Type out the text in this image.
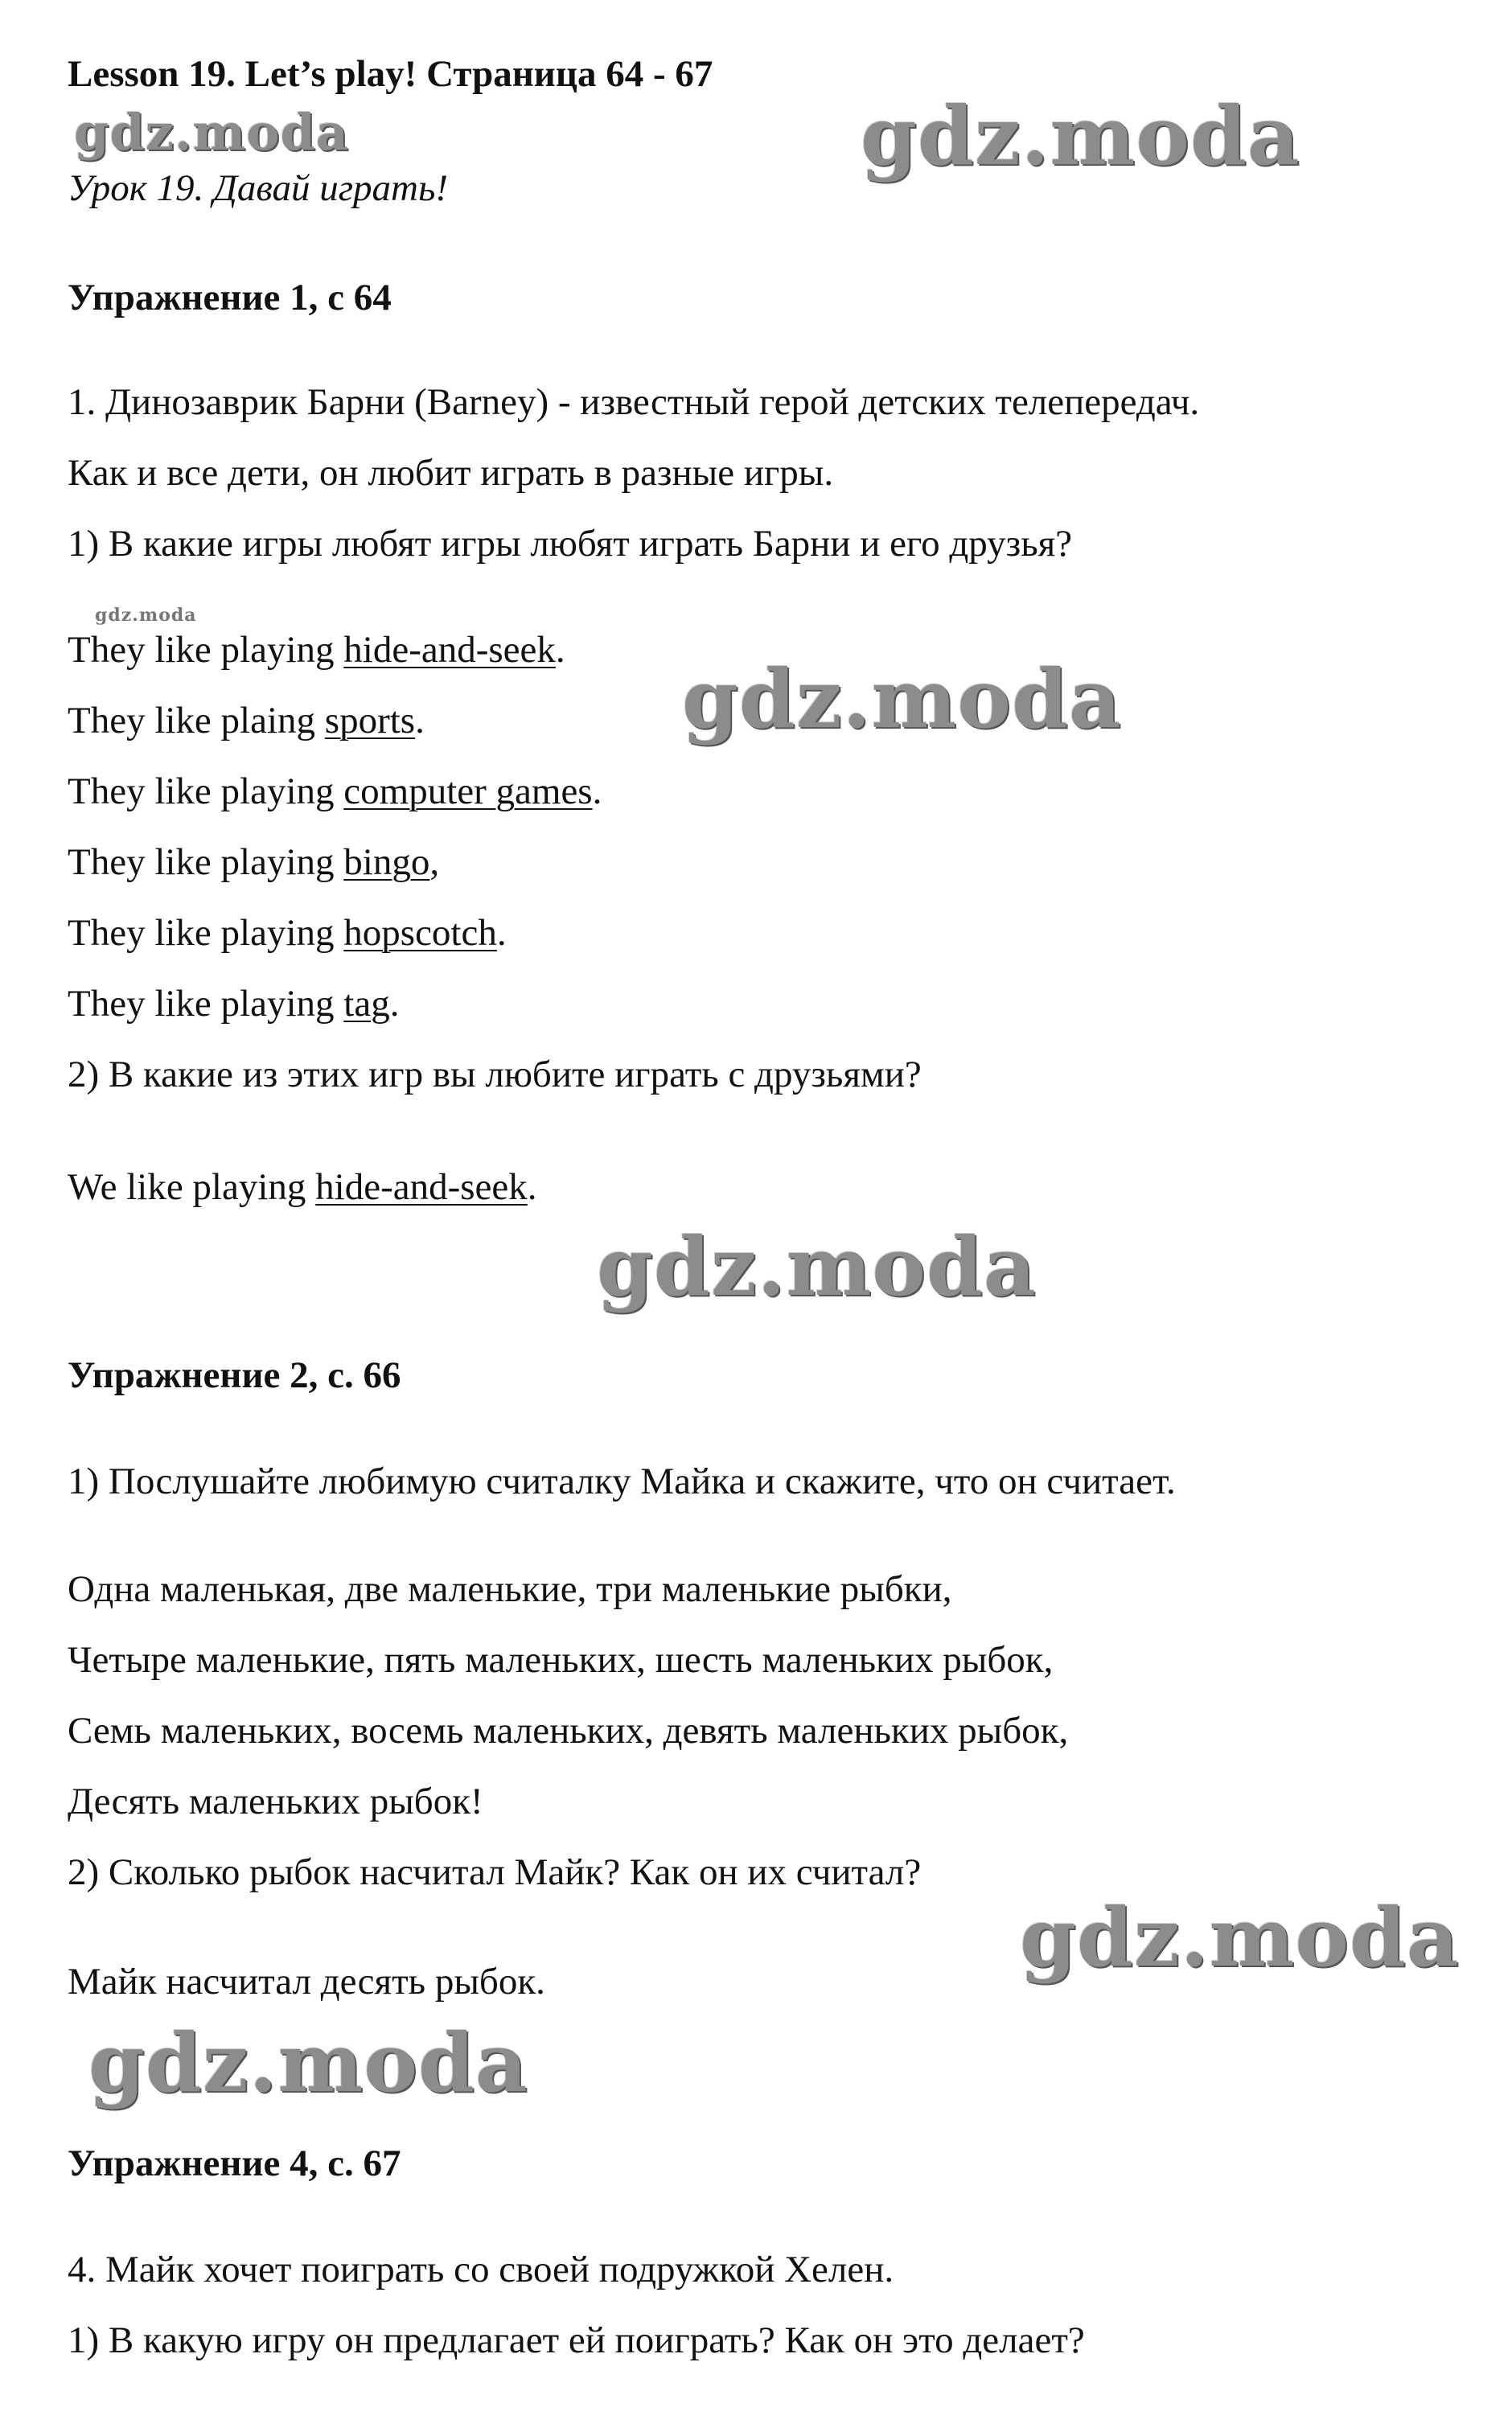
Lesson 19. Let’s play! Страница 64 - 67
gdz.moda	gdz.moda
Урок 19. Давай играть!
Упражнение 1, с 64
1. Динозаврик Барни (Barney) - известный герой детских телепередач.
Как и все дети, он любит играть в разные игры.
1) В какие игры любят игры любят играть Барни и его друзья?
gdz.moda
They like playing hide-and-seek.
gdz.moda
They like plaing sports.
They like playing computer games.
They like playing bingo,
They like playing hopscotch.
They like playing tag.
2) В какие из этих игр вы любите играть с друзьями?
We like playing hide-and-seek.
gdz.moda
Упражнение 2, с. 66
1) Послушайте любимую считалку Майка и скажите, что он считает.
Одна маленькая, две маленькие, три маленькие рыбки,
Четыре маленькие, пять маленьких, шесть маленьких рыбок,
Семь маленьких, восемь маленьких, девять маленьких рыбок,
Десять маленьких рыбок!
2) Сколько рыбок насчитал Майк? Как он их считал?
gdz.moda
Майк насчитал десять рыбок.
gdz.moda
Упражнение 4, с. 67
4. Майк хочет поиграть со своей подружкой Хелен.
1) В какую игру он предлагает ей поиграть? Как он это делает?
